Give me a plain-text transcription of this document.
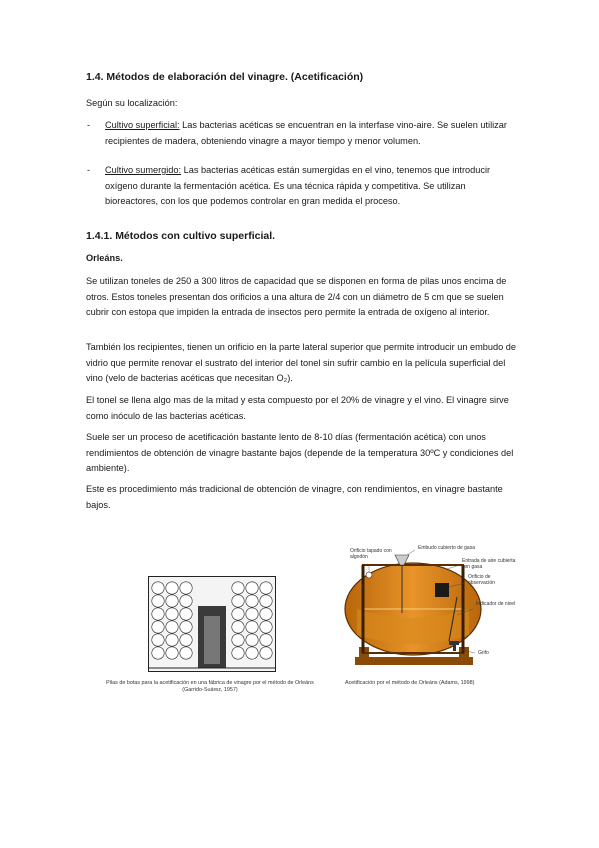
1.4. Métodos de elaboración del vinagre. (Acetificación)
Según su localización:
- Cultivo superficial: Las bacterias acéticas se encuentran en la interfase vino-aire. Se suelen utilizar recipientes de madera, obteniendo vinagre a mayor tiempo y menor volumen.
- Cultivo sumergido: Las bacterias acéticas están sumergidas en el vino, tenemos que introducir oxígeno durante la fermentación acética. Es una técnica rápida y competitiva. Se utilizan bioreactores, con los que podemos controlar en gran medida el proceso.
1.4.1. Métodos con cultivo superficial.
Orleáns.
Se utilizan toneles de 250 a 300 litros de capacidad que se disponen en forma de pilas unos encima de otros. Estos toneles presentan dos orificios a una altura de 2/4 con un diámetro de 5 cm que se suelen cubrir con estopa que impiden la entrada de insectos pero permite la entrada de oxígeno al interior.
También los recipientes, tienen un orificio en la parte lateral superior que permite introducir un embudo de vidrio que permite renovar el sustrato del interior del tonel sin sufrir cambio en la película superficial del vino (velo de bacterias acéticas que necesitan O₂).
El tonel se llena algo mas de la mitad y esta compuesto por el 20% de vinagre y el vino. El vinagre sirve como inóculo de las bacterias acéticas.
Suele ser un proceso de acetificación bastante lento de 8-10 días (fermentación acética) con unos rendimientos de obtención de vinagre bastante bajos (depende de la temperatura 30ºC y condiciones del ambiente).
Este es procedimiento más tradicional de obtención de vinagre, con rendimientos, en vinagre bastante bajos.
Pilas de botas para la acetificación en una fábrica de vinagre por el método de Orleáns
(Garrido-Suárez, 1957)
Orificio tapado con algodón
Embudo cubierto de gasa
Entrada de aire cubierta con gasa
Orificio de observación
Indicador de nivel
Grifo
Acetificación por el método de Orleáns (Adams, 1998)
